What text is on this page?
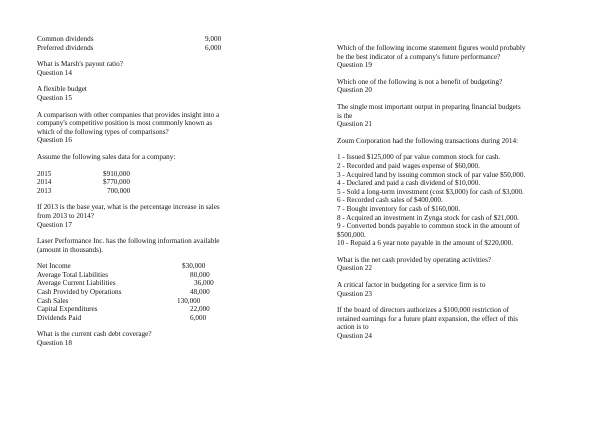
Common dividends	9,000
Preferred dividends	6,000
What is Marsh's payout ratio?
Question 14
A flexible budget
Question 15
A comparison with other companies that provides insight into a
company's competitive position is most commonly known as
which of the following types of comparisons?
Question 16
Assume the following sales data for a company:
2015	$910,000
2014	$770,000
2013	700,000
If 2013 is the base year, what is the percentage increase in sales
from 2013 to 2014?
Question 17
Laser Performance Inc. has the following information available
(amount in thousands).
Net Income	$30,000
Average Total Liabilities	80,000
Average Current Liabilities	36,000
Cash Provided by Operations	48,000
Cash Sales	130,000
Capital Expenditures	22,000
Dividends Paid	6,000
What is the current cash debt coverage?
Question 18
Which of the following income statement figures would probably
be the best indicator of a company's future performance?
Question 19
Which one of the following is not a benefit of budgeting?
Question 20
The single most important output in preparing financial budgets
is the
Question 21
Zoum Corporation had the following transactions during 2014:
1 - Issued $125,000 of par value common stock for cash.
2 - Recorded and paid wages expense of $60,000.
3 - Acquired land by issuing common stock of par value $50,000.
4 - Declared and paid a cash dividend of $10,000.
5 - Sold a long-term investment (cost $3,000) for cash of $3,000.
6 - Recorded cash sales of $400,000.
7 - Bought inventory for cash of $160,000.
8 - Acquired an investment in Zynga stock for cash of $21,000.
9 - Converted bonds payable to common stock in the amount of
$500,000.
10 - Repaid a 6 year note payable in the amount of $220,000.
What is the net cash provided by operating activities?
Question 22
A critical factor in budgeting for a service firm is to
Question 23
If the board of directors authorizes a $100,000 restriction of
retained earnings for a future plant expansion, the effect of this
action is to
Question 24
